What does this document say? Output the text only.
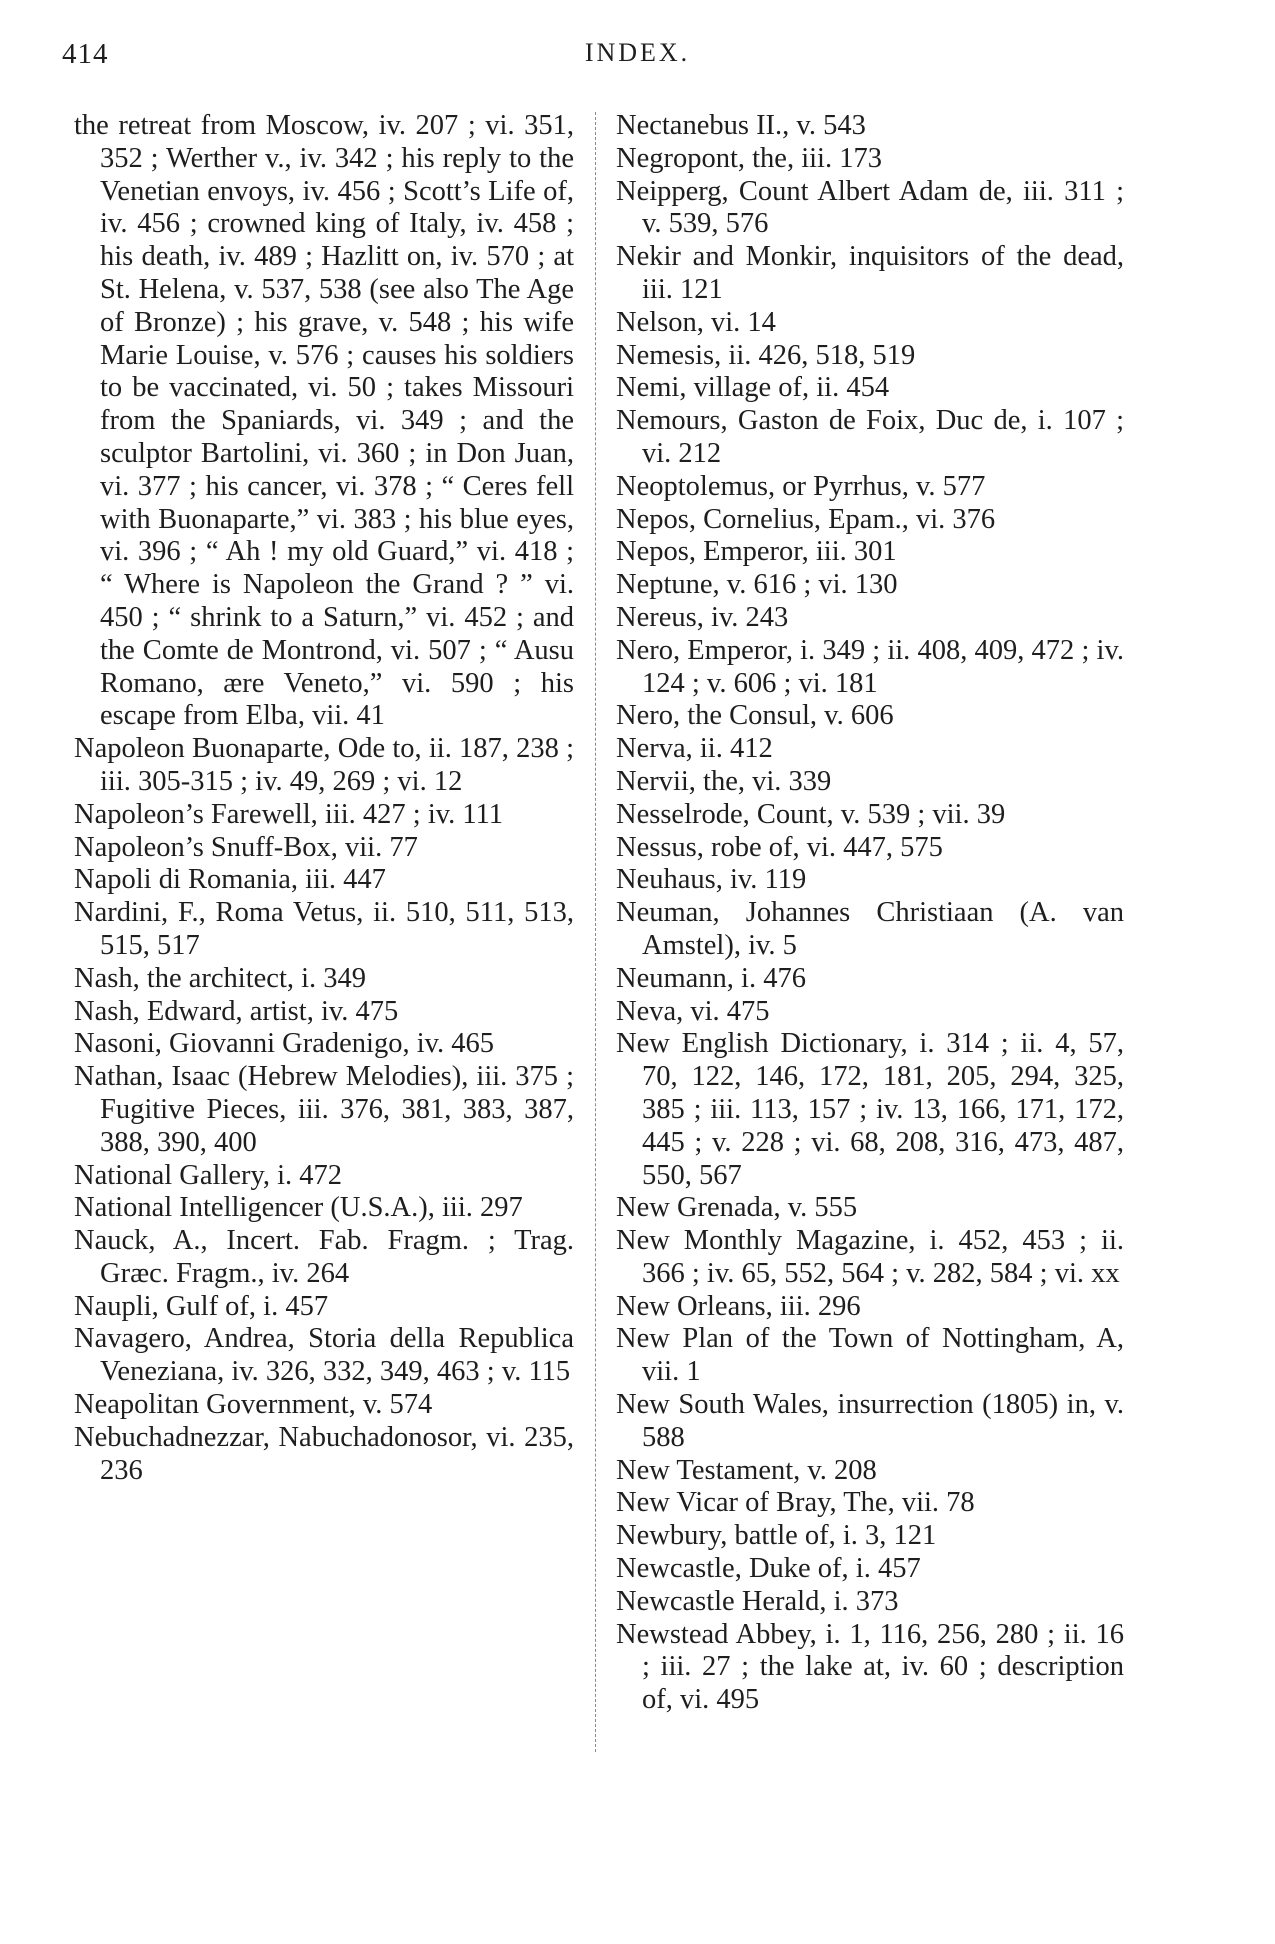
414	INDEX.

the retreat from Moscow, iv. 207 ; vi. 351, 352 ; Werther v., iv. 342 ; his reply to the Venetian envoys, iv. 456 ; Scott’s Life of, iv. 456 ; crowned king of Italy, iv. 458 ; his death, iv. 489 ; Hazlitt on, iv. 570 ; at St. Helena, v. 537, 538 (see also The Age of Bronze) ; his grave, v. 548 ; his wife Marie Louise, v. 576 ; causes his soldiers to be vaccinated, vi. 50 ; takes Missouri from the Spaniards, vi. 349 ; and the sculptor Bartolini, vi. 360 ; in Don Juan, vi. 377 ; his cancer, vi. 378 ; “ Ceres fell with Buonaparte,” vi. 383 ; his blue eyes, vi. 396 ; “ Ah ! my old Guard,” vi. 418 ; “ Where is Napoleon the Grand ? ” vi. 450 ; “ shrink to a Saturn,” vi. 452 ; and the Comte de Montrond, vi. 507 ; “ Ausu Romano, ære Veneto,” vi. 590 ; his escape from Elba, vii. 41

Napoleon Buonaparte, Ode to, ii. 187, 238 ; iii. 305-315 ; iv. 49, 269 ; vi. 12

Napoleon’s Farewell, iii. 427 ; iv. 111

Napoleon’s Snuff-Box, vii. 77

Napoli di Romania, iii. 447

Nardini, F., Roma Vetus, ii. 510, 511, 513, 515, 517

Nash, the architect, i. 349

Nash, Edward, artist, iv. 475

Nasoni, Giovanni Gradenigo, iv. 465

Nathan, Isaac (Hebrew Melodies), iii. 375 ; Fugitive Pieces, iii. 376, 381, 383, 387, 388, 390, 400

National Gallery, i. 472

National Intelligencer (U.S.A.), iii. 297

Nauck, A., Incert. Fab. Fragm. ; Trag. Græc. Fragm., iv. 264

Naupli, Gulf of, i. 457

Navagero, Andrea, Storia della Republica Veneziana, iv. 326, 332, 349, 463 ; v. 115

Neapolitan Government, v. 574

Nebuchadnezzar, Nabuchadonosor, vi. 235, 236

Nectanebus II., v. 543

Negropont, the, iii. 173

Neipperg, Count Albert Adam de, iii. 311 ; v. 539, 576

Nekir and Monkir, inquisitors of the dead, iii. 121

Nelson, vi. 14

Nemesis, ii. 426, 518, 519

Nemi, village of, ii. 454

Nemours, Gaston de Foix, Duc de, i. 107 ; vi. 212

Neoptolemus, or Pyrrhus, v. 577

Nepos, Cornelius, Epam., vi. 376

Nepos, Emperor, iii. 301

Neptune, v. 616 ; vi. 130

Nereus, iv. 243

Nero, Emperor, i. 349 ; ii. 408, 409, 472 ; iv. 124 ; v. 606 ; vi. 181

Nero, the Consul, v. 606

Nerva, ii. 412

Nervii, the, vi. 339

Nesselrode, Count, v. 539 ; vii. 39

Nessus, robe of, vi. 447, 575

Neuhaus, iv. 119

Neuman, Johannes Christiaan (A. van Amstel), iv. 5

Neumann, i. 476

Neva, vi. 475

New English Dictionary, i. 314 ; ii. 4, 57, 70, 122, 146, 172, 181, 205, 294, 325, 385 ; iii. 113, 157 ; iv. 13, 166, 171, 172, 445 ; v. 228 ; vi. 68, 208, 316, 473, 487, 550, 567

New Grenada, v. 555

New Monthly Magazine, i. 452, 453 ; ii. 366 ; iv. 65, 552, 564 ; v. 282, 584 ; vi. xx

New Orleans, iii. 296

New Plan of the Town of Nottingham, A, vii. 1

New South Wales, insurrection (1805) in, v. 588

New Testament, v. 208

New Vicar of Bray, The, vii. 78

Newbury, battle of, i. 3, 121

Newcastle, Duke of, i. 457

Newcastle Herald, i. 373

Newstead Abbey, i. 1, 116, 256, 280 ; ii. 16 ; iii. 27 ; the lake at, iv. 60 ; description of, vi. 495
